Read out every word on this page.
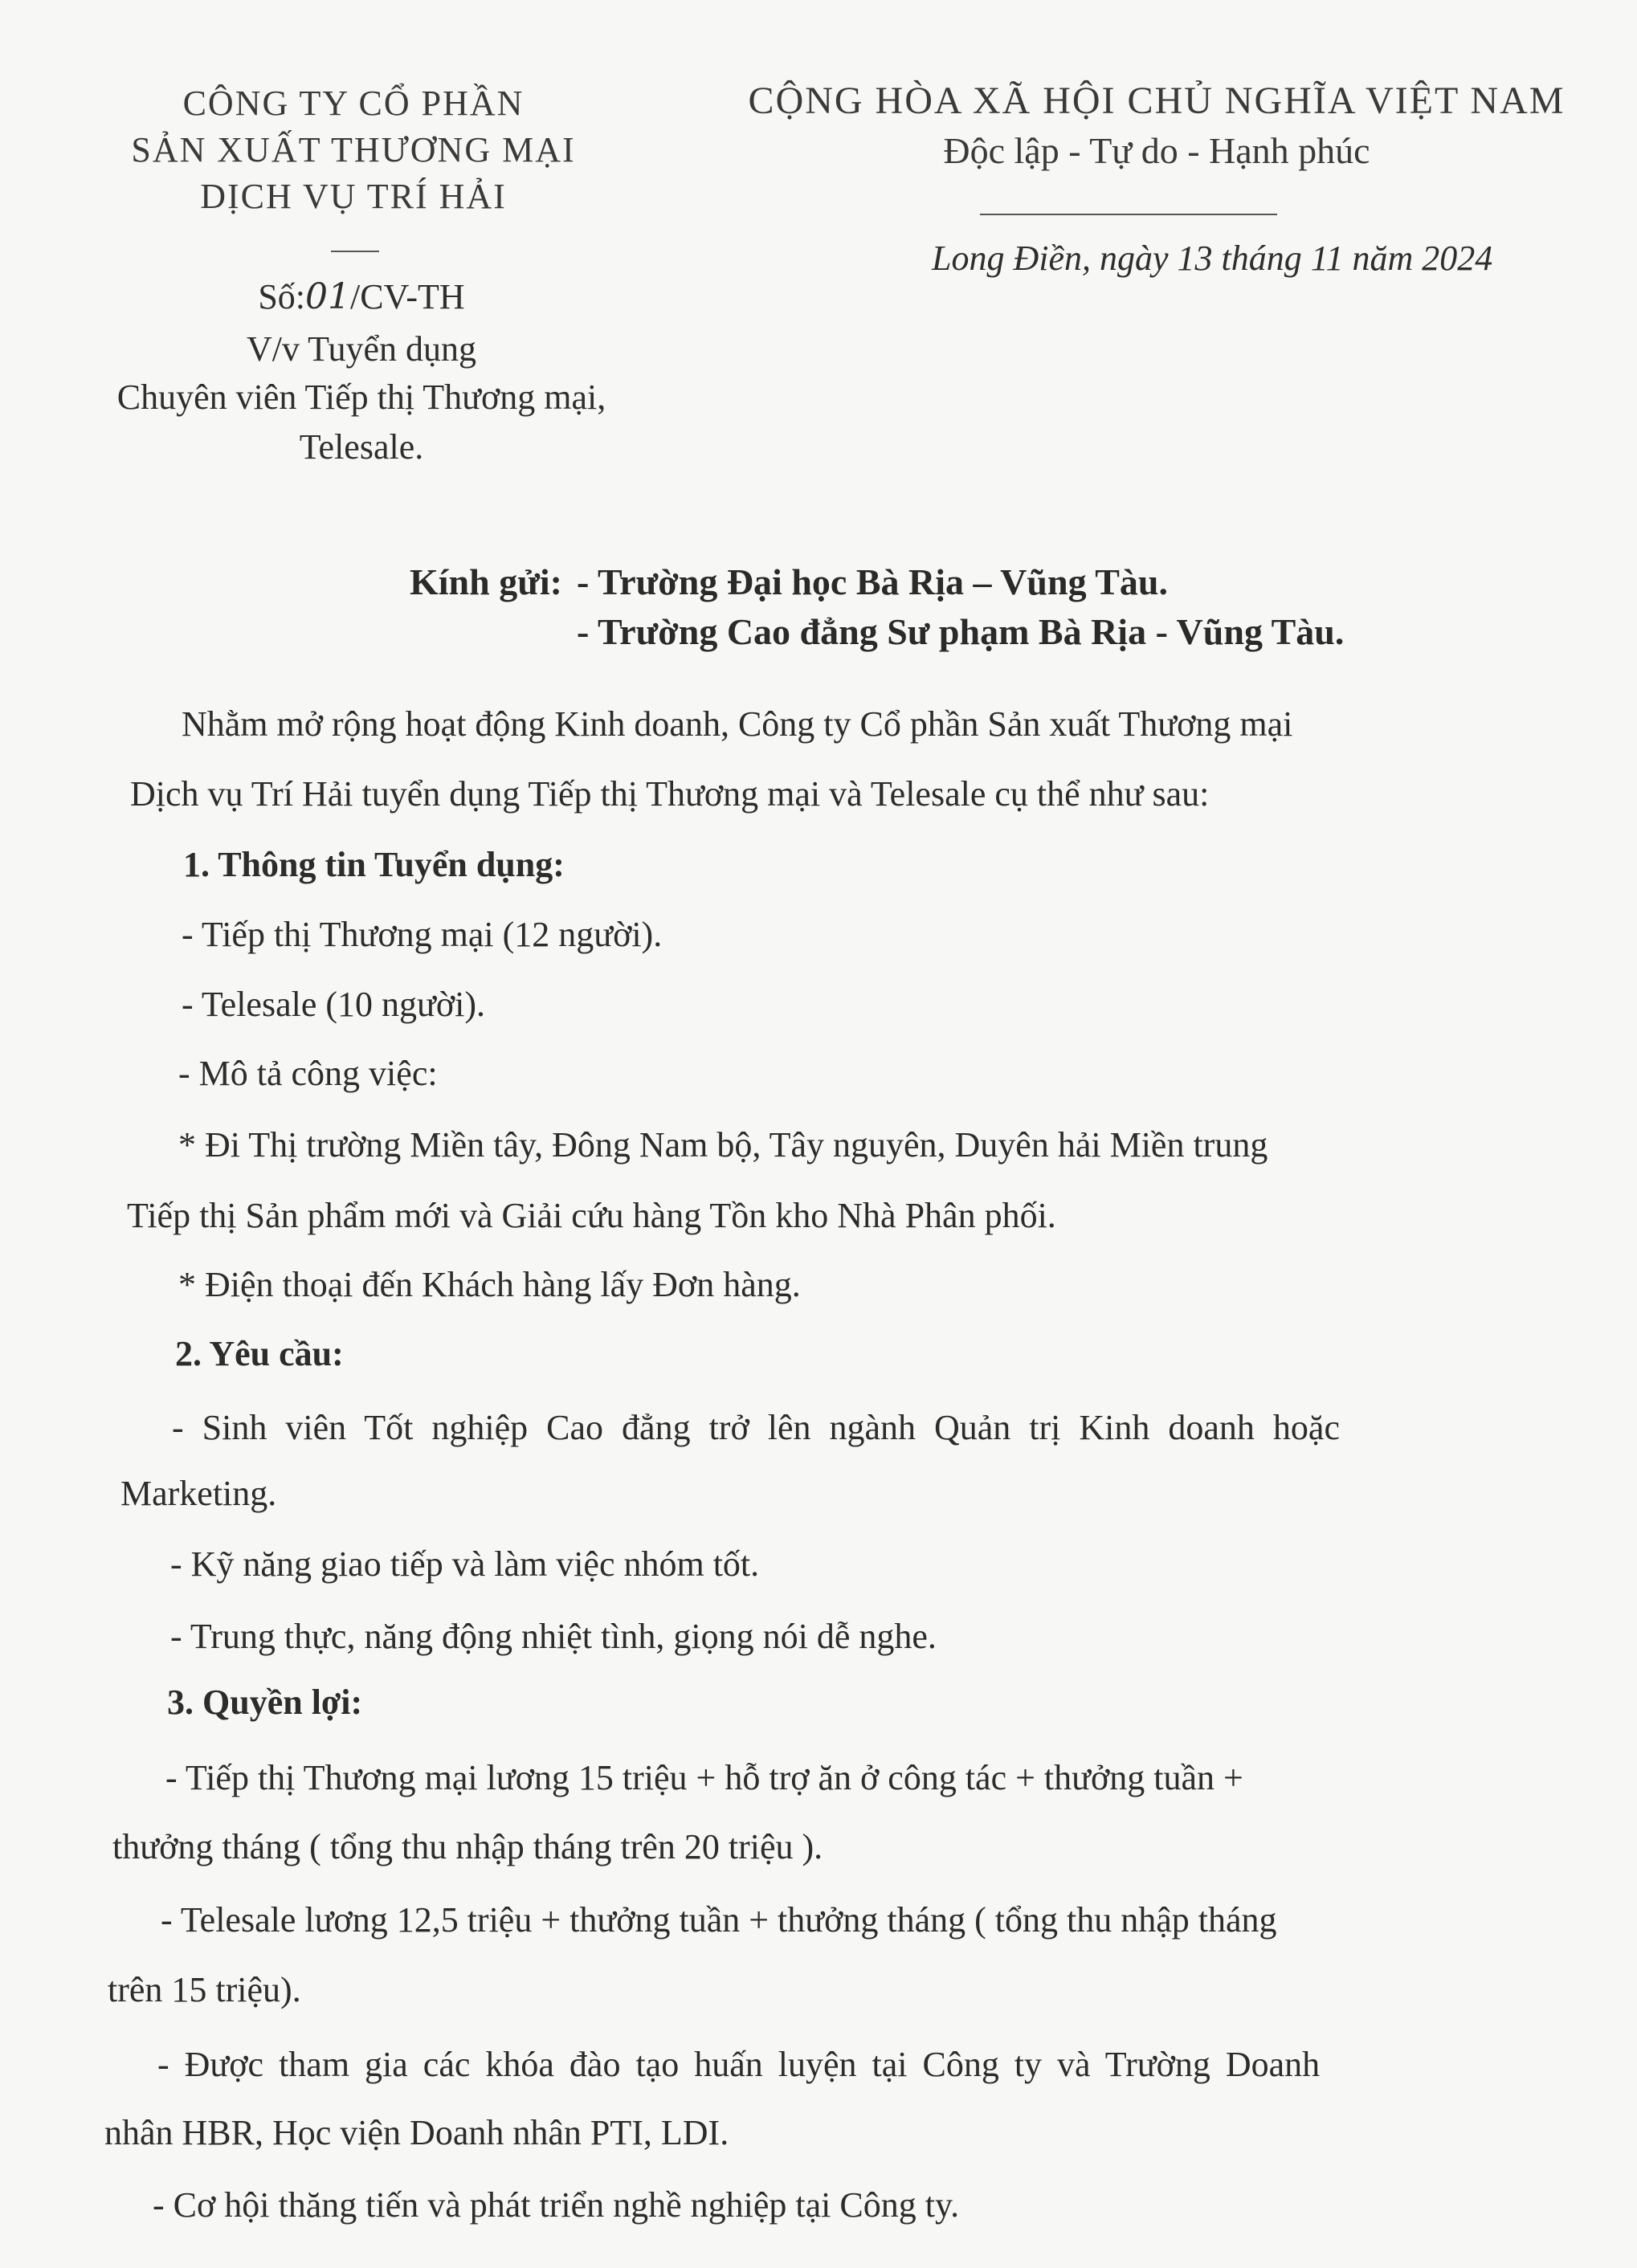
CÔNG TY CỔ PHẦN
SẢN XUẤT THƯƠNG MẠI
DỊCH VỤ TRÍ HẢI
CỘNG HÒA XÃ HỘI CHỦ NGHĨA VIỆT NAM
Độc lập - Tự do - Hạnh phúc
Số:01/CV-TH
V/v Tuyển dụng
Chuyên viên Tiếp thị Thương mại,
Telesale.
Long Điền, ngày 13 tháng 11 năm 2024
Kính gửi: - Trường Đại học Bà Rịa – Vũng Tàu.
- Trường Cao đẳng Sư phạm Bà Rịa - Vũng Tàu.
Nhằm mở rộng hoạt động Kinh doanh, Công ty Cổ phần Sản xuất Thương mại
Dịch vụ Trí Hải tuyển dụng Tiếp thị Thương mại và Telesale cụ thể như sau:
1. Thông tin Tuyển dụng:
- Tiếp thị Thương mại (12 người).
- Telesale (10 người).
- Mô tả công việc:
* Đi Thị trường Miền tây, Đông Nam bộ, Tây nguyên, Duyên hải Miền trung
Tiếp thị Sản phẩm mới và Giải cứu hàng Tồn kho Nhà Phân phối.
* Điện thoại đến Khách hàng lấy Đơn hàng.
2. Yêu cầu:
- Sinh viên Tốt nghiệp Cao đẳng trở lên ngành Quản trị Kinh doanh hoặc
Marketing.
- Kỹ năng giao tiếp và làm việc nhóm tốt.
- Trung thực, năng động nhiệt tình, giọng nói dễ nghe.
3. Quyền lợi:
- Tiếp thị Thương mại lương 15 triệu + hỗ trợ ăn ở công tác + thưởng tuần +
thưởng tháng ( tổng thu nhập tháng trên 20 triệu ).
- Telesale lương 12,5 triệu + thưởng tuần + thưởng tháng ( tổng thu nhập tháng
trên 15 triệu).
- Được tham gia các khóa đào tạo huấn luyện tại Công ty và Trường Doanh
nhân HBR, Học viện Doanh nhân PTI, LDI.
- Cơ hội thăng tiến và phát triển nghề nghiệp tại Công ty.
